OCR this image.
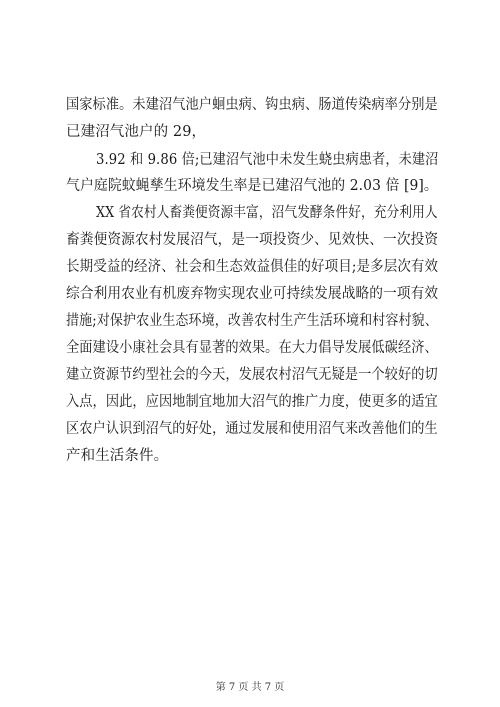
国家标准。未建沼气池户蛔虫病、钩虫病、肠道传染病率分别是
已建沼气池户的 29，
3.92 和 9.86 倍;已建沼气池中未发生蛲虫病患者，未建沼
气户庭院蚊蝇孳生环境发生率是已建沼气池的 2.03 倍 [9]。
XX 省农村人畜粪便资源丰富，沼气发酵条件好，充分利用人
畜粪便资源农村发展沼气，是一项投资少、见效快、一次投资
长期受益的经济、社会和生态效益俱佳的好项目;是多层次有效
综合利用农业有机废弃物实现农业可持续发展战略的一项有效
措施;对保护农业生态环境，改善农村生产生活环境和村容村貌、
全面建设小康社会具有显著的效果。在大力倡导发展低碳经济、
建立资源节约型社会的今天，发展农村沼气无疑是一个较好的切
入点，因此，应因地制宜地加大沼气的推广力度，使更多的适宜
区农户认识到沼气的好处，通过发展和使用沼气来改善他们的生
产和生活条件。
第 7 页 共 7 页
